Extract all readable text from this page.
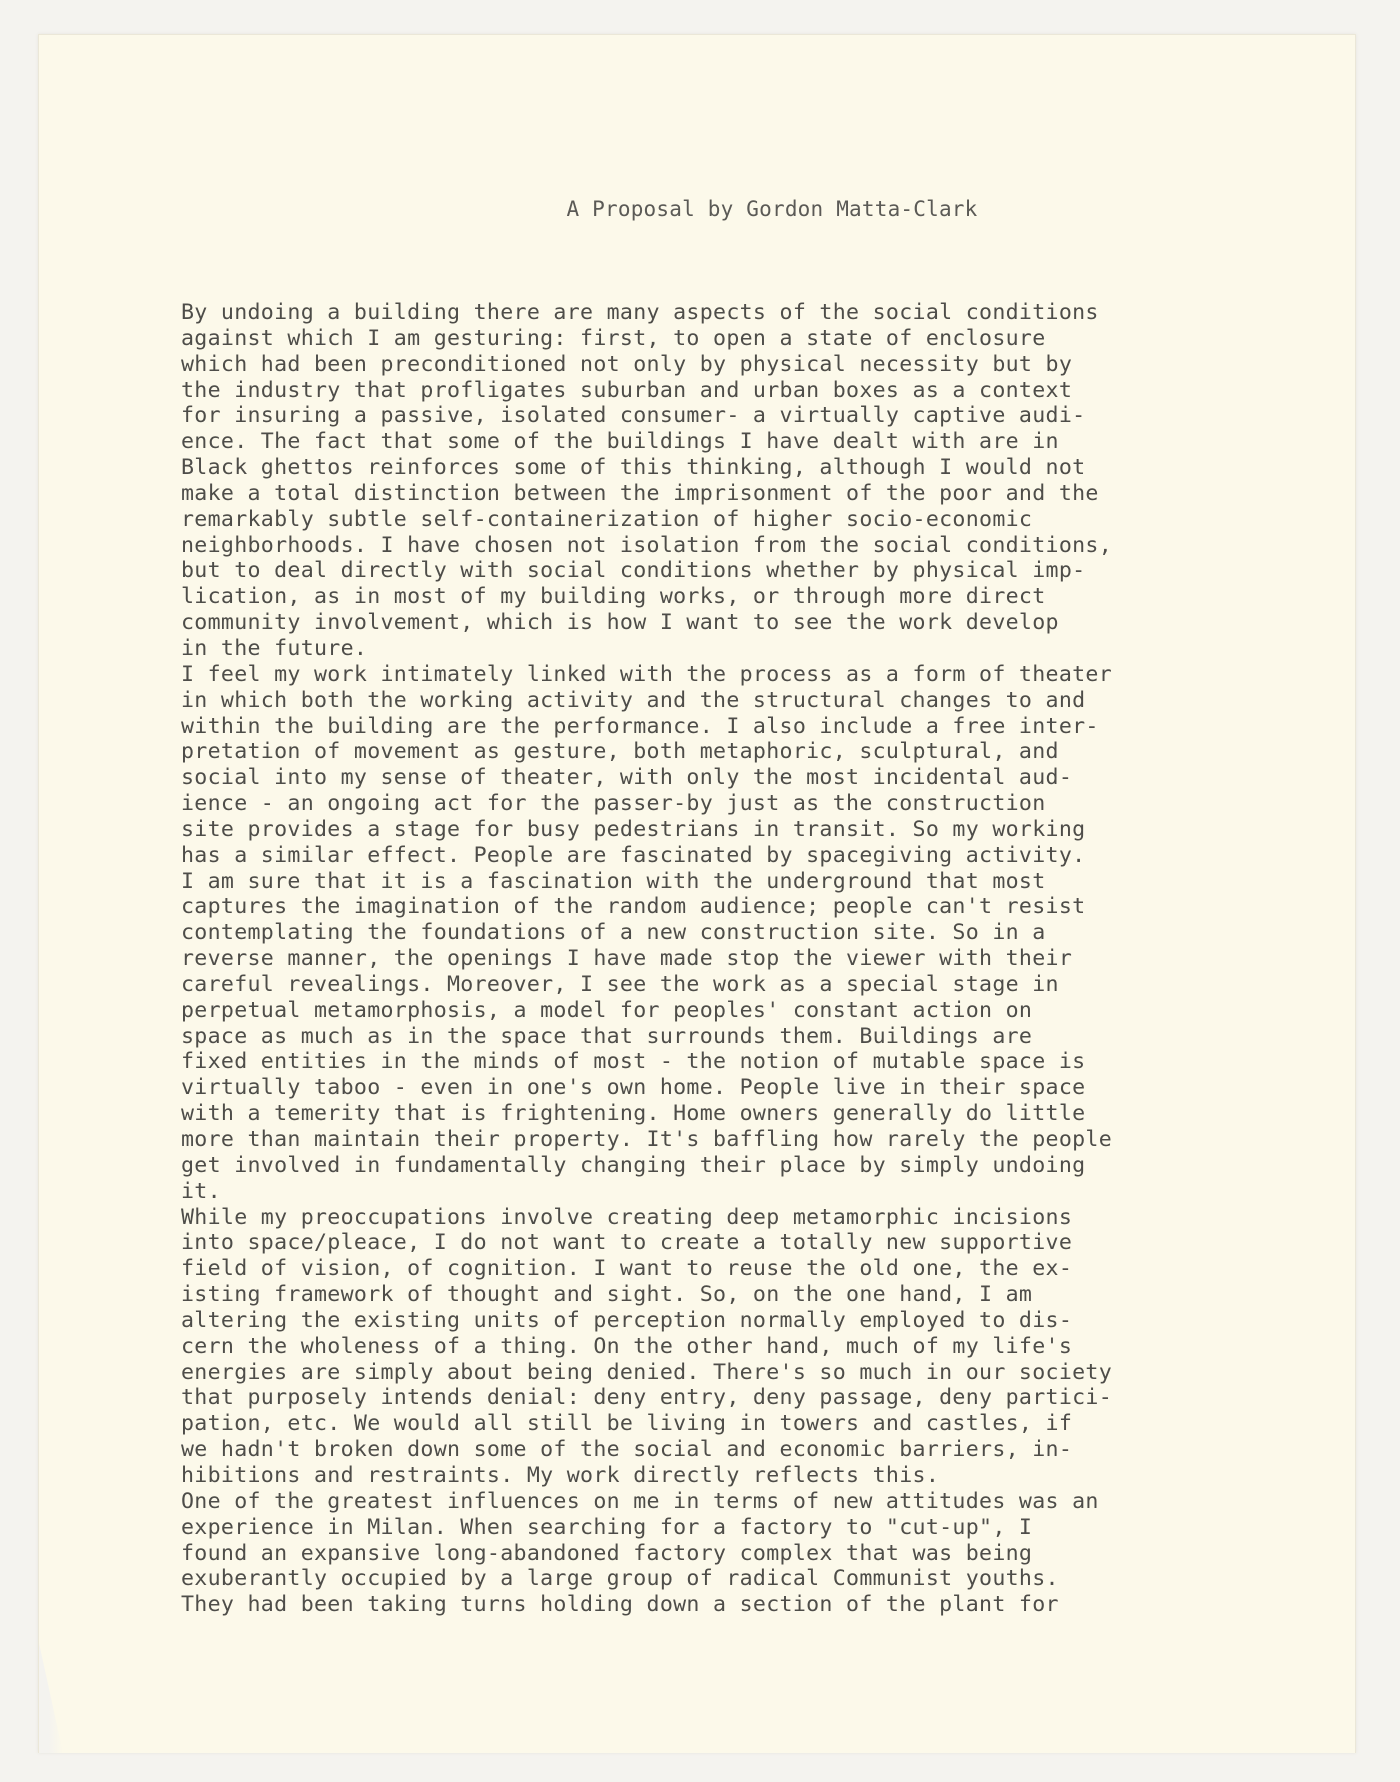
A Proposal by Gordon Matta-Clark
By undoing a building there are many aspects of the social conditions
against which I am gesturing: first, to open a state of enclosure
which had been preconditioned not only by physical necessity but by
the industry that profligates suburban and urban boxes as a context
for insuring a passive, isolated consumer- a virtually captive audi-
ence. The fact that some of the buildings I have dealt with are in
Black ghettos reinforces some of this thinking, although I would not
make a total distinction between the imprisonment of the poor and the
remarkably subtle self-containerization of higher socio-economic
neighborhoods. I have chosen not isolation from the social conditions,
but to deal directly with social conditions whether by physical imp-
lication, as in most of my building works, or through more direct
community involvement, which is how I want to see the work develop
in the future.
I feel my work intimately linked with the process as a form of theater
in which both the working activity and the structural changes to and
within the building are the performance. I also include a free inter-
pretation of movement as gesture, both metaphoric, sculptural, and
social into my sense of theater, with only the most incidental aud-
ience - an ongoing act for the passer-by just as the construction
site provides a stage for busy pedestrians in transit. So my working
has a similar effect. People are fascinated by spacegiving activity.
I am sure that it is a fascination with the underground that most
captures the imagination of the random audience; people can't resist
contemplating the foundations of a new construction site. So in a
reverse manner, the openings I have made stop the viewer with their
careful revealings. Moreover, I see the work as a special stage in
perpetual metamorphosis, a model for peoples' constant action on
space as much as in the space that surrounds them. Buildings are
fixed entities in the minds of most - the notion of mutable space is
virtually taboo - even in one's own home. People live in their space
with a temerity that is frightening. Home owners generally do little
more than maintain their property. It's baffling how rarely the people
get involved in fundamentally changing their place by simply undoing
it.
While my preoccupations involve creating deep metamorphic incisions
into space/pleace, I do not want to create a totally new supportive
field of vision, of cognition. I want to reuse the old one, the ex-
isting framework of thought and sight. So, on the one hand, I am
altering the existing units of perception normally employed to dis-
cern the wholeness of a thing. On the other hand, much of my life's
energies are simply about being denied. There's so much in our society
that purposely intends denial: deny entry, deny passage, deny partici-
pation, etc. We would all still be living in towers and castles, if
we hadn't broken down some of the social and economic barriers, in-
hibitions and restraints. My work directly reflects this.
One of the greatest influences on me in terms of new attitudes was an
experience in Milan. When searching for a factory to "cut-up", I
found an expansive long-abandoned factory complex that was being
exuberantly occupied by a large group of radical Communist youths.
They had been taking turns holding down a section of the plant for
